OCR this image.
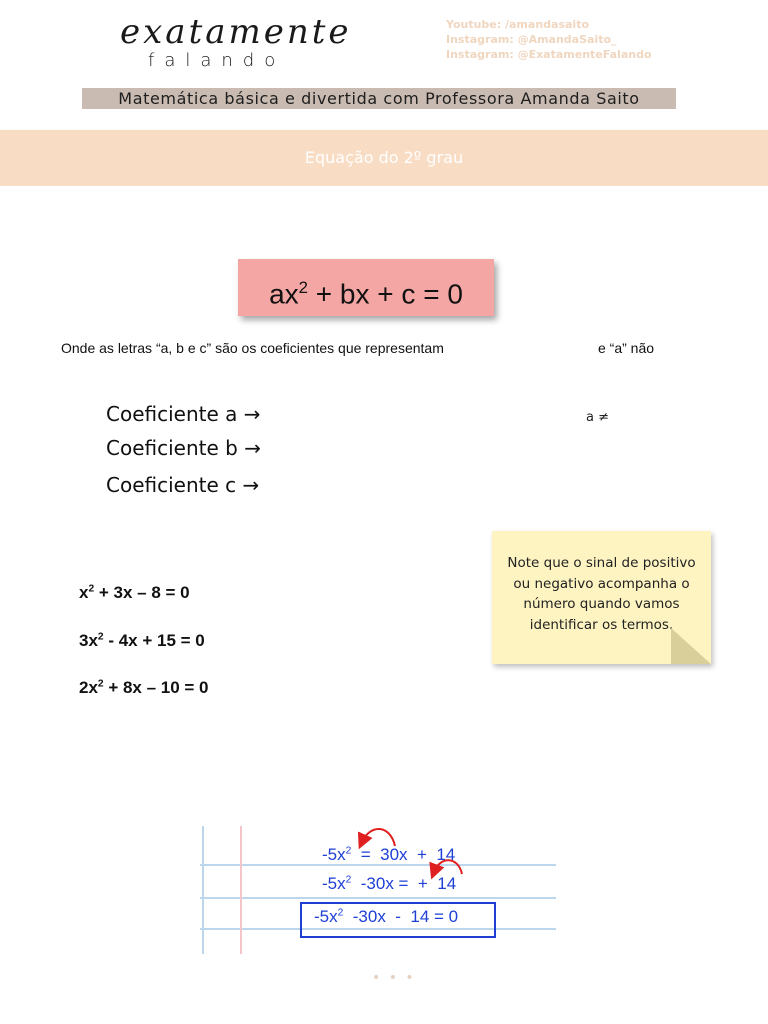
exatamente
falando
Youtube: /amandasaito
Instagram: @AmandaSaito_
Instagram: @ExatamenteFalando
Matemática básica e divertida com Professora Amanda Saito
Equação do 2º grau
$ax^2$ + bx + c = 0
Onde as letras “a, b e c” são os coeficientes que representam	e “a” não
Coeficiente a →
Coeficiente b →
Coeficiente c →
a ≠
$x^2 + 3x - 8 = 0$
$3x^2 - 4x + 15 = 0$
$2x^2 + 8x - 10 = 0$
Note que o sinal de positivo ou negativo acompanha o número quando vamos identificar os termos.
$-5x^2 = 30x + 14$
$-5x^2$  -30x =  +  14
$-5x^2$  -30x  -  14 = 0
• • •
